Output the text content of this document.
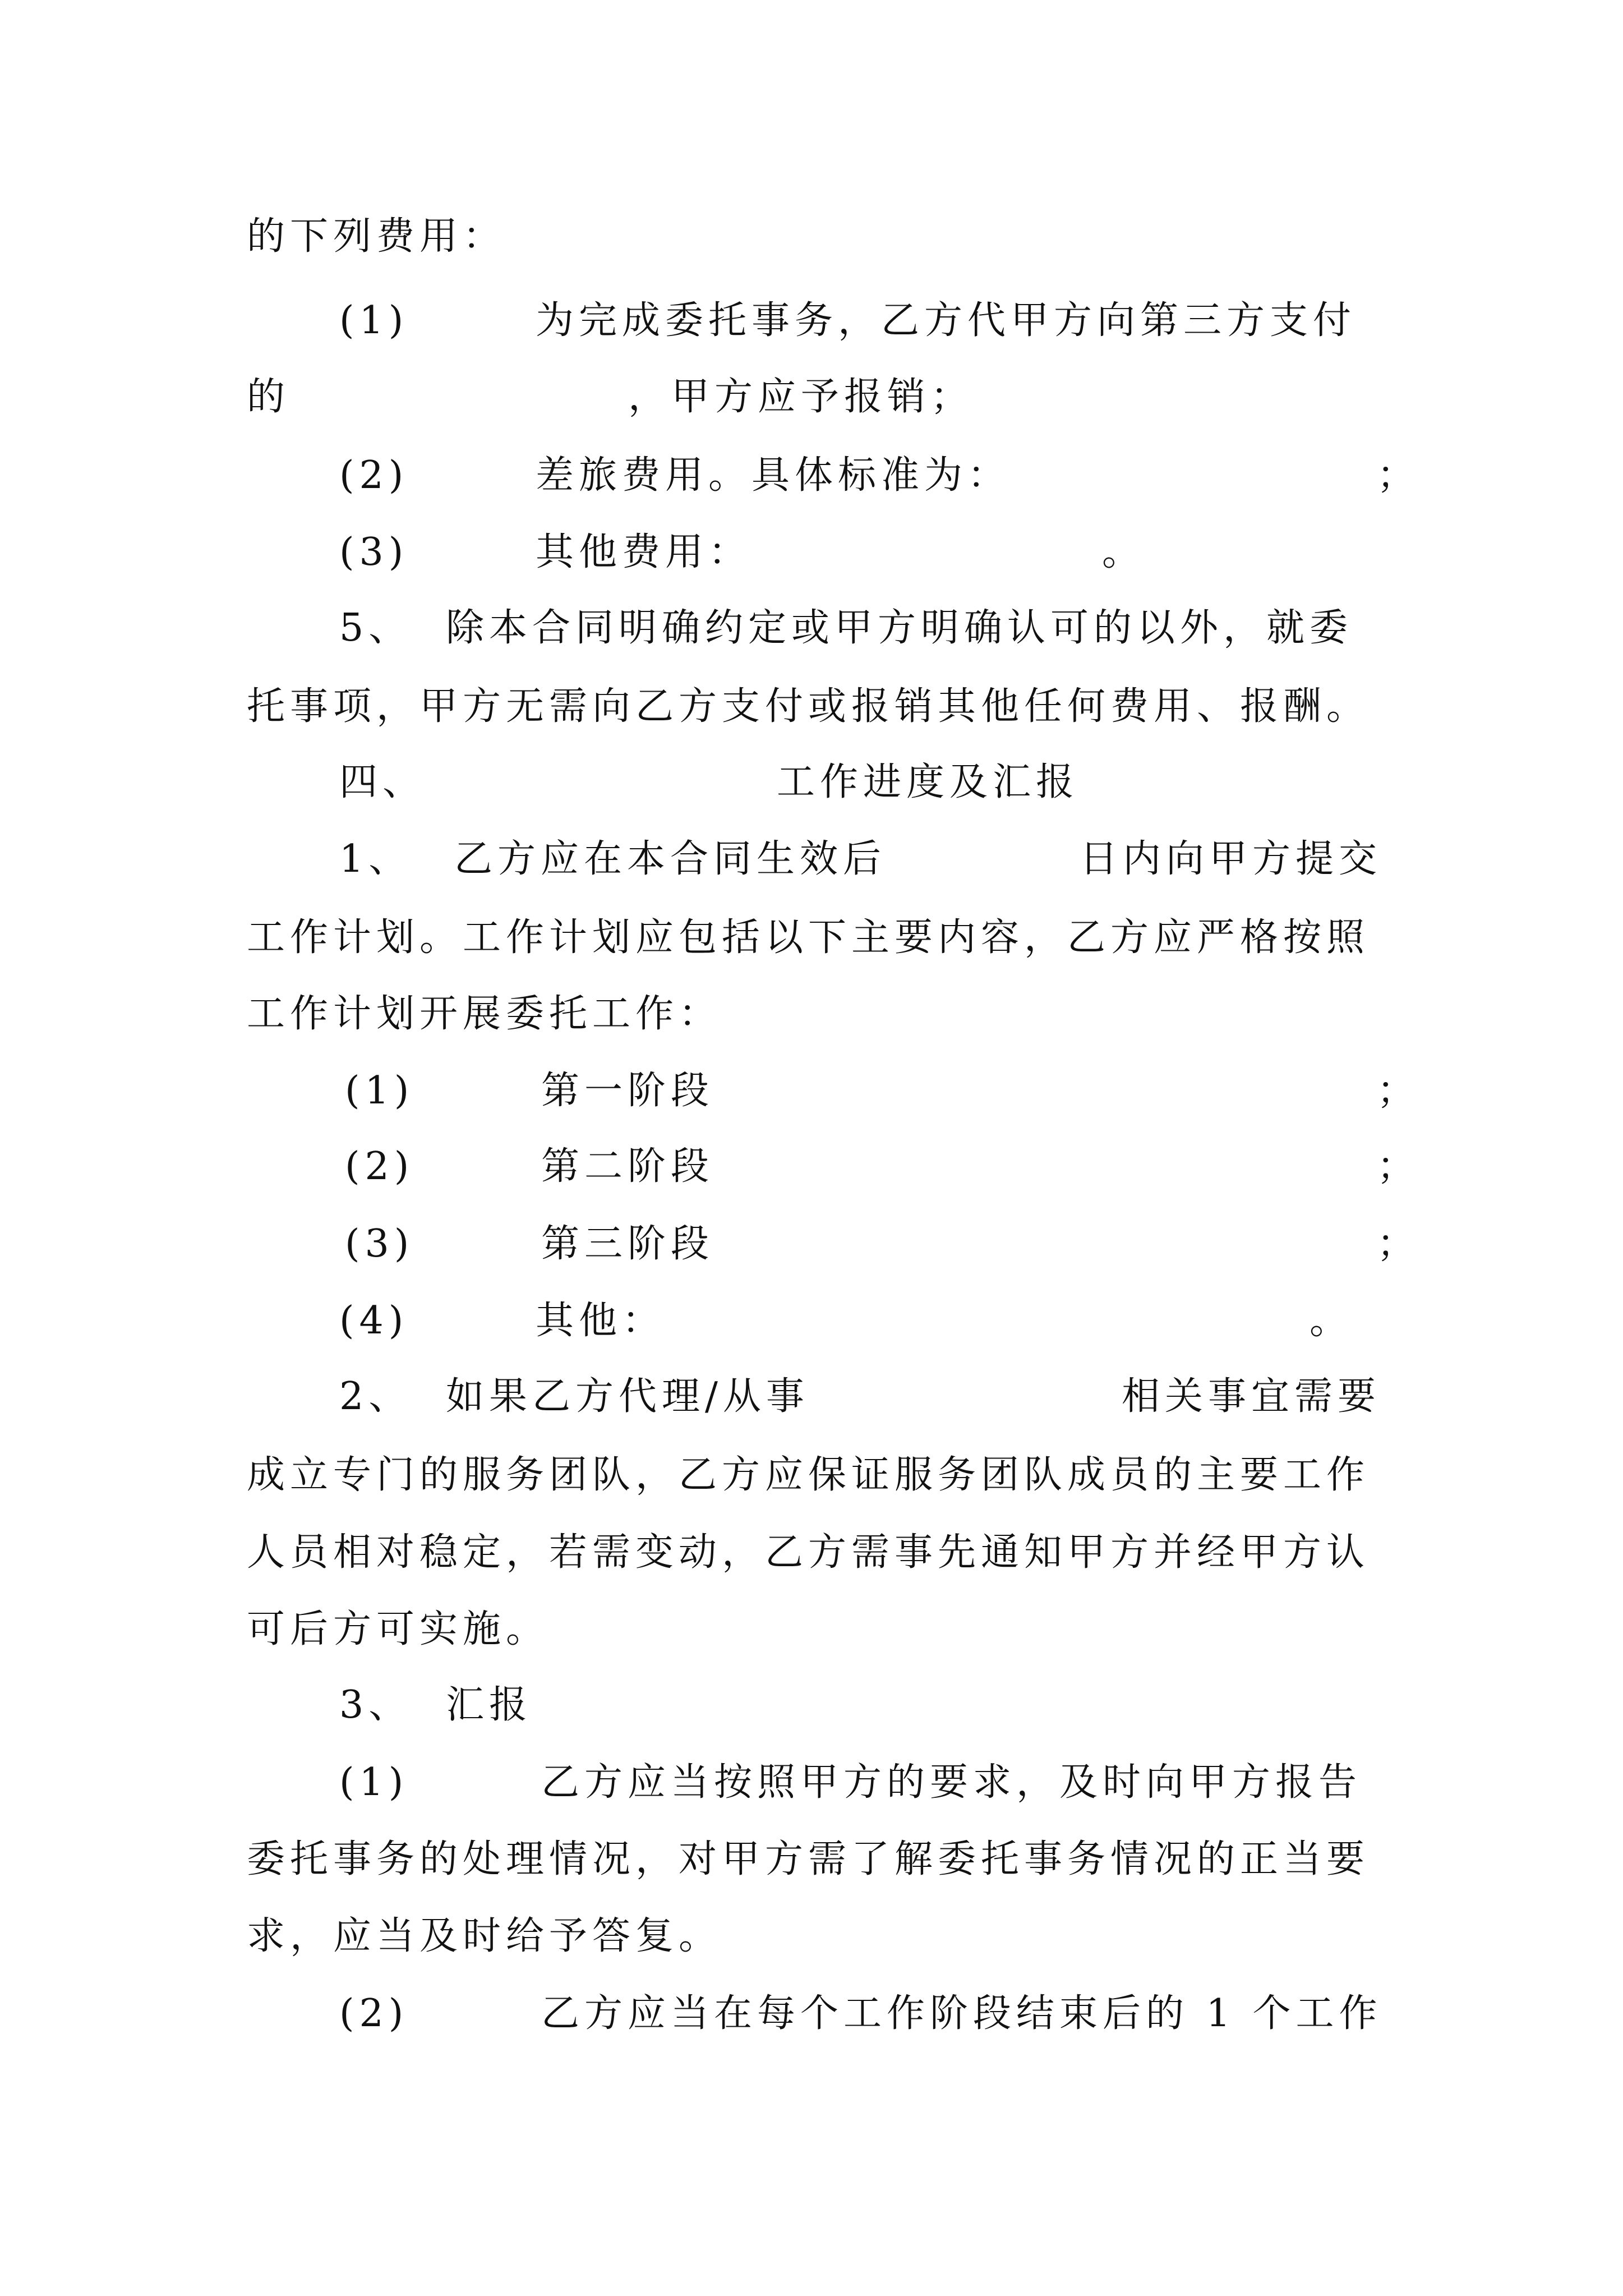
的下列费用：
(1)	为完成委托事务，乙方代甲方向第三方支付
的	，甲方应予报销；
(2)	差旅费用。具体标准为：	；
(3)	其他费用：	。
5、 除本合同明确约定或甲方明确认可的以外，就委
托事项，甲方无需向乙方支付或报销其他任何费用、报酬。
四、	工作进度及汇报
1、 乙方应在本合同生效后	日内向甲方提交
工作计划。工作计划应包括以下主要内容，乙方应严格按照
工作计划开展委托工作：
(1)	第一阶段	；
(2)	第二阶段	；
(3)	第三阶段	；
(4)	其他：	。
2、 如果乙方代理/从事	相关事宜需要
成立专门的服务团队，乙方应保证服务团队成员的主要工作
人员相对稳定，若需变动，乙方需事先通知甲方并经甲方认
可后方可实施。
3、 汇报
(1)	乙方应当按照甲方的要求，及时向甲方报告
委托事务的处理情况，对甲方需了解委托事务情况的正当要
求，应当及时给予答复。
(2)	乙方应当在每个工作阶段结束后的 1 个工作
